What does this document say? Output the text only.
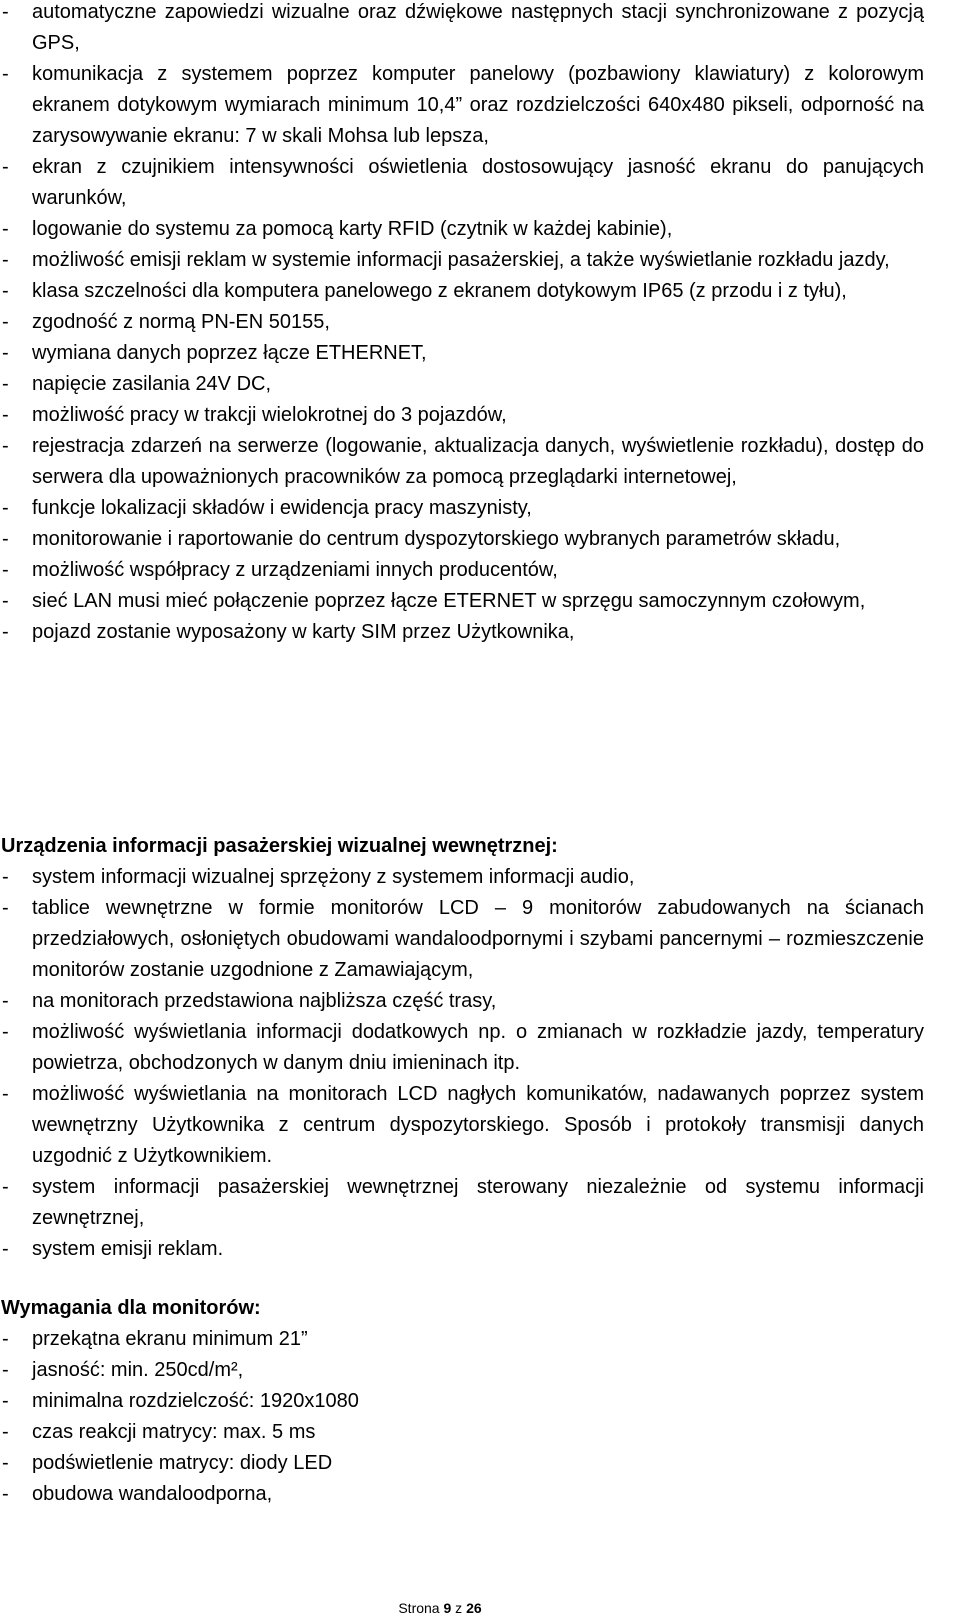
- automatyczne zapowiedzi wizualne oraz dźwiękowe następnych stacji synchronizowane z pozycją GPS,
- komunikacja z systemem poprzez komputer panelowy (pozbawiony klawiatury) z kolorowym ekranem dotykowym wymiarach minimum 10,4” oraz rozdzielczości 640x480 pikseli, odporność na zarysowywanie ekranu: 7 w skali Mohsa lub lepsza,
- ekran z czujnikiem intensywności oświetlenia dostosowujący jasność ekranu do panujących warunków,
- logowanie do systemu za pomocą karty RFID (czytnik w każdej kabinie),
- możliwość emisji reklam w systemie informacji pasażerskiej, a także wyświetlanie rozkładu jazdy,
- klasa szczelności dla komputera panelowego z ekranem dotykowym IP65 (z przodu i z tyłu),
- zgodność z normą PN-EN 50155,
- wymiana danych poprzez łącze ETHERNET,
- napięcie zasilania 24V DC,
- możliwość pracy w trakcji wielokrotnej do 3 pojazdów,
- rejestracja zdarzeń na serwerze (logowanie, aktualizacja danych, wyświetlenie rozkładu), dostęp do serwera dla upoważnionych pracowników za pomocą przeglądarki internetowej,
- funkcje lokalizacji składów i ewidencja pracy maszynisty,
- monitorowanie i raportowanie do centrum dyspozytorskiego wybranych parametrów składu,
- możliwość współpracy z urządzeniami innych producentów,
- sieć LAN musi mieć połączenie poprzez łącze ETERNET w sprzęgu samoczynnym czołowym,
- pojazd zostanie wyposażony w karty SIM przez Użytkownika,
Urządzenia informacji pasażerskiej wizualnej wewnętrznej:
- system informacji wizualnej sprzężony z systemem informacji audio,
- tablice wewnętrzne w formie monitorów LCD – 9 monitorów zabudowanych na ścianach przedziałowych, osłoniętych obudowami wandaloodpornymi i szybami pancernymi – rozmieszczenie monitorów zostanie uzgodnione z Zamawiającym,
- na monitorach przedstawiona najbliższa część trasy,
- możliwość wyświetlania informacji dodatkowych np. o zmianach w rozkładzie jazdy, temperatury powietrza, obchodzonych w danym dniu imieninach itp.
- możliwość wyświetlania na monitorach LCD nagłych komunikatów, nadawanych poprzez system wewnętrzny Użytkownika z centrum dyspozytorskiego. Sposób i protokoły transmisji danych uzgodnić z Użytkownikiem.
- system informacji pasażerskiej wewnętrznej sterowany niezależnie od systemu informacji zewnętrznej,
- system emisji reklam.
Wymagania dla monitorów:
- przekątna ekranu minimum 21”
- jasność: min. 250cd/m²,
- minimalna rozdzielczość: 1920x1080
- czas reakcji matrycy: max. 5 ms
- podświetlenie matrycy: diody LED
- obudowa wandaloodporna,
Strona 9 z 26
